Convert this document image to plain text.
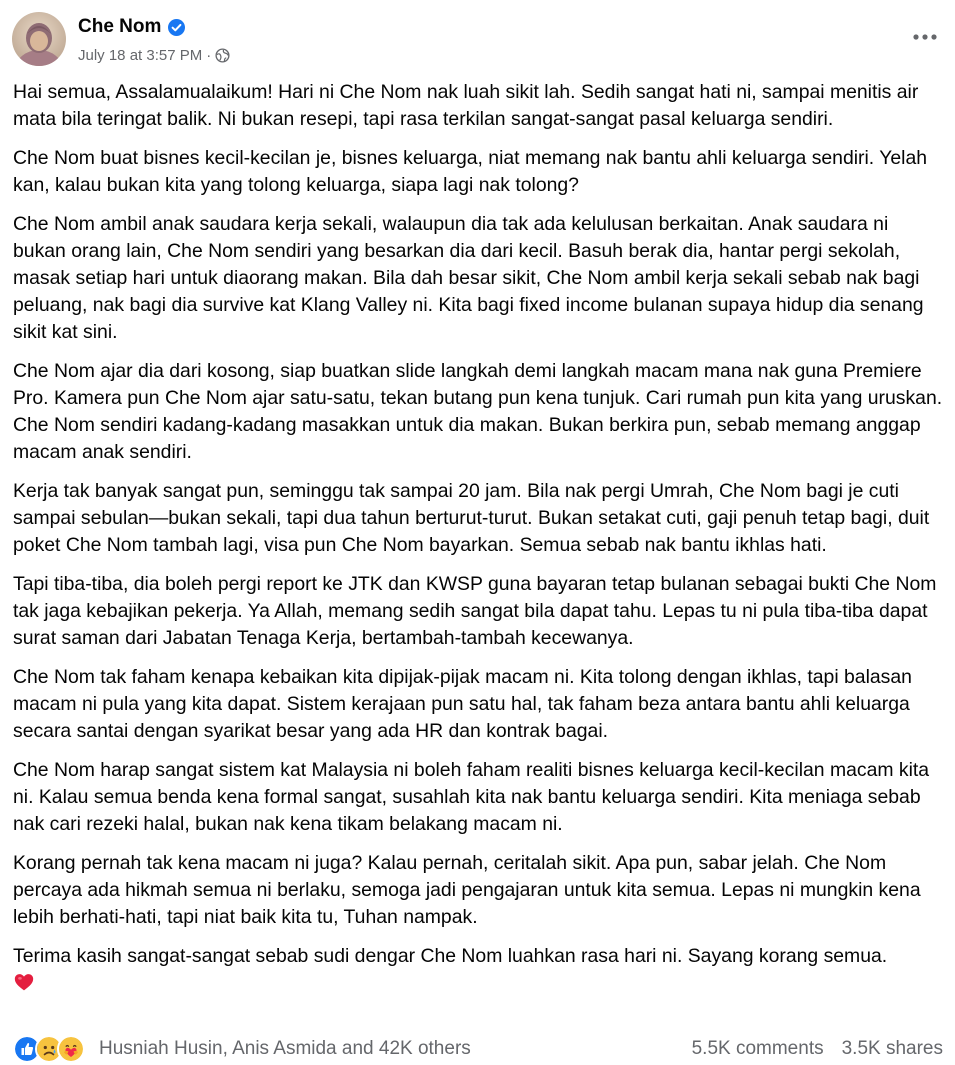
Che Nom
July 18 at 3:57 PM ·

Hai semua, Assalamualaikum! Hari ni Che Nom nak luah sikit lah. Sedih sangat hati ni, sampai menitis air mata bila teringat balik. Ni bukan resepi, tapi rasa terkilan sangat-sangat pasal keluarga sendiri.

Che Nom buat bisnes kecil-kecilan je, bisnes keluarga, niat memang nak bantu ahli keluarga sendiri. Yelah kan, kalau bukan kita yang tolong keluarga, siapa lagi nak tolong?

Che Nom ambil anak saudara kerja sekali, walaupun dia tak ada kelulusan berkaitan. Anak saudara ni bukan orang lain, Che Nom sendiri yang besarkan dia dari kecil. Basuh berak dia, hantar pergi sekolah, masak setiap hari untuk diaorang makan. Bila dah besar sikit, Che Nom ambil kerja sekali sebab nak bagi peluang, nak bagi dia survive kat Klang Valley ni. Kita bagi fixed income bulanan supaya hidup dia senang sikit kat sini.

Che Nom ajar dia dari kosong, siap buatkan slide langkah demi langkah macam mana nak guna Premiere Pro. Kamera pun Che Nom ajar satu-satu, tekan butang pun kena tunjuk. Cari rumah pun kita yang uruskan. Che Nom sendiri kadang-kadang masakkan untuk dia makan. Bukan berkira pun, sebab memang anggap macam anak sendiri.

Kerja tak banyak sangat pun, seminggu tak sampai 20 jam. Bila nak pergi Umrah, Che Nom bagi je cuti sampai sebulan—bukan sekali, tapi dua tahun berturut-turut. Bukan setakat cuti, gaji penuh tetap bagi, duit poket Che Nom tambah lagi, visa pun Che Nom bayarkan. Semua sebab nak bantu ikhlas hati.

Tapi tiba-tiba, dia boleh pergi report ke JTK dan KWSP guna bayaran tetap bulanan sebagai bukti Che Nom tak jaga kebajikan pekerja. Ya Allah, memang sedih sangat bila dapat tahu. Lepas tu ni pula tiba-tiba dapat surat saman dari Jabatan Tenaga Kerja, bertambah-tambah kecewanya.

Che Nom tak faham kenapa kebaikan kita dipijak-pijak macam ni. Kita tolong dengan ikhlas, tapi balasan macam ni pula yang kita dapat. Sistem kerajaan pun satu hal, tak faham beza antara bantu ahli keluarga secara santai dengan syarikat besar yang ada HR dan kontrak bagai.

Che Nom harap sangat sistem kat Malaysia ni boleh faham realiti bisnes keluarga kecil-kecilan macam kita ni. Kalau semua benda kena formal sangat, susahlah kita nak bantu keluarga sendiri. Kita meniaga sebab nak cari rezeki halal, bukan nak kena tikam belakang macam ni.

Korang pernah tak kena macam ni juga? Kalau pernah, ceritalah sikit. Apa pun, sabar jelah. Che Nom percaya ada hikmah semua ni berlaku, semoga jadi pengajaran untuk kita semua. Lepas ni mungkin kena lebih berhati-hati, tapi niat baik kita tu, Tuhan nampak.

Terima kasih sangat-sangat sebab sudi dengar Che Nom luahkan rasa hari ni. Sayang korang semua.

Husniah Husin, Anis Asmida and 42K others	5.5K comments 3.5K shares
